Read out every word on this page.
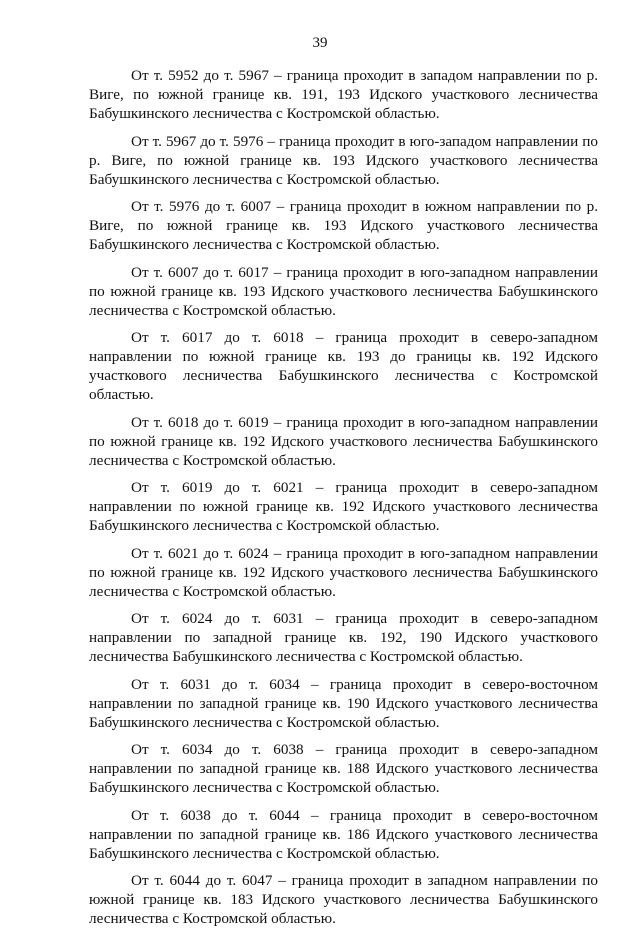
39

От т. 5952 до т. 5967 – граница проходит в западом направлении по р. Виге, по южной границе кв. 191, 193 Идского участкового лесничества Бабушкинского лесничества с Костромской областью.

От т. 5967 до т. 5976 – граница проходит в юго-западом направлении по р. Виге, по южной границе кв. 193 Идского участкового лесничества Бабушкинского лесничества с Костромской областью.

От т. 5976 до т. 6007 – граница проходит в южном направлении по р. Виге, по южной границе кв. 193 Идского участкового лесничества Бабушкинского лесничества с Костромской областью.

От т. 6007 до т. 6017 – граница проходит в юго-западном направлении по южной границе кв. 193 Идского участкового лесничества Бабушкинского лесничества с Костромской областью.

От т. 6017 до т. 6018 – граница проходит в северо-западном направлении по южной границе кв. 193 до границы кв. 192 Идского участкового лесничества Бабушкинского лесничества с Костромской областью.

От т. 6018 до т. 6019 – граница проходит в юго-западном направлении по южной границе кв. 192 Идского участкового лесничества Бабушкинского лесничества с Костромской областью.

От т. 6019 до т. 6021 – граница проходит в северо-западном направлении по южной границе кв. 192 Идского участкового лесничества Бабушкинского лесничества с Костромской областью.

От т. 6021 до т. 6024 – граница проходит в юго-западном направлении по южной границе кв. 192 Идского участкового лесничества Бабушкинского лесничества с Костромской областью.

От т. 6024 до т. 6031 – граница проходит в северо-западном направлении по западной границе кв. 192, 190 Идского участкового лесничества Бабушкинского лесничества с Костромской областью.

От т. 6031 до т. 6034 – граница проходит в северо-восточном направлении по западной границе кв. 190 Идского участкового лесничества Бабушкинского лесничества с Костромской областью.

От т. 6034 до т. 6038 – граница проходит в северо-западном направлении по западной границе кв. 188 Идского участкового лесничества Бабушкинского лесничества с Костромской областью.

От т. 6038 до т. 6044 – граница проходит в северо-восточном направлении по западной границе кв. 186 Идского участкового лесничества Бабушкинского лесничества с Костромской областью.

От т. 6044 до т. 6047 – граница проходит в западном направлении по южной границе кв. 183 Идского участкового лесничества Бабушкинского лесничества с Костромской областью.
